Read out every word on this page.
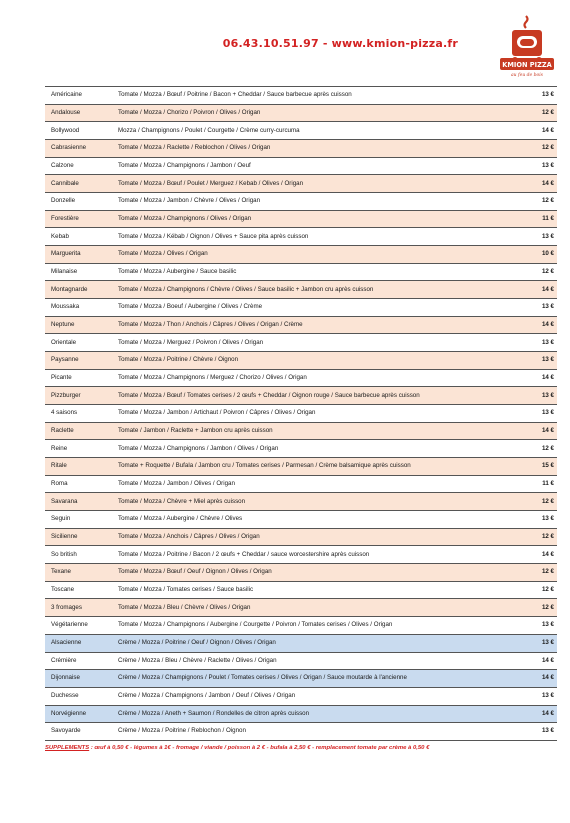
06.43.10.51.97 - www.kmion-pizza.fr
KMION PIZZA
au feu de bois
Américaine	Tomate / Mozza / Bœuf / Poitrine / Bacon + Cheddar / Sauce barbecue après cuisson	13 €
Andalouse	Tomate / Mozza / Chorizo / Poivron / Olives / Origan	12 €
Bollywood	Mozza / Champignons / Poulet / Courgette / Crème curry-curcuma	14 €
Cabrasienne	Tomate / Mozza / Raclette / Reblochon / Olives / Origan	12 €
Calzone	Tomate / Mozza / Champignons / Jambon / Oeuf	13 €
Cannibale	Tomate / Mozza / Bœuf / Poulet / Merguez / Kebab / Olives / Origan	14 €
Donzelle	Tomate / Mozza / Jambon / Chèvre / Olives / Origan	12 €
Forestière	Tomate / Mozza / Champignons / Olives / Origan	11 €
Kebab	Tomate / Mozza / Kébab / Oignon / Olives + Sauce pita après cuisson	13 €
Marguerita	Tomate / Mozza / Olives / Origan	10 €
Milanaise	Tomate / Mozza / Aubergine / Sauce basilic	12 €
Montagnarde	Tomate / Mozza / Champignons / Chèvre / Olives / Sauce basilic + Jambon cru après cuisson	14 €
Moussaka	Tomate / Mozza / Boeuf / Aubergine / Olives / Crème	13 €
Neptune	Tomate / Mozza / Thon / Anchois / Câpres / Olives / Origan / Crème	14 €
Orientale	Tomate / Mozza / Merguez / Poivron / Olives / Origan	13 €
Paysanne	Tomate / Mozza / Poitrine / Chèvre / Oignon	13 €
Picante	Tomate / Mozza / Champignons / Merguez / Chorizo / Olives / Origan	14 €
Pizzburger	Tomate / Mozza / Bœuf / Tomates cerises / 2 œufs + Cheddar / Oignon rouge / Sauce barbecue après cuisson	13 €
4 saisons	Tomate / Mozza / Jambon / Artichaut / Poivron / Câpres / Olives / Origan	13 €
Raclette	Tomate / Jambon / Raclette + Jambon cru après cuisson	14 €
Reine	Tomate / Mozza / Champignons / Jambon / Olives / Origan	12 €
Ritale	Tomate + Roquette / Bufala / Jambon cru / Tomates cerises / Parmesan / Crème balsamique après cuisson	15 €
Roma	Tomate / Mozza / Jambon / Olives / Origan	11 €
Savarana	Tomate / Mozza / Chèvre + Miel après cuisson	12 €
Seguin	Tomate / Mozza / Aubergine / Chèvre / Olives	13 €
Sicilienne	Tomate / Mozza / Anchois / Câpres / Olives / Origan	12 €
So british	Tomate / Mozza / Poitrine / Bacon / 2 œufs + Cheddar / sauce worcestershire après cuisson	14 €
Texane	Tomate / Mozza / Bœuf / Oeuf / Oignon / Olives / Origan	12 €
Toscane	Tomate / Mozza / Tomates cerises / Sauce basilic	12 €
3 fromages	Tomate / Mozza / Bleu / Chèvre / Olives / Origan	12 €
Végétarienne	Tomate / Mozza / Champignons / Aubergine / Courgette / Poivron / Tomates cerises / Olives / Origan	13 €
Alsacienne	Crème / Mozza / Poitrine / Oeuf / Oignon / Olives / Origan	13 €
Crémière	Crème / Mozza / Bleu / Chèvre / Raclette / Olives / Origan	14 €
Dijonnaise	Crème / Mozza / Champignons / Poulet / Tomates cerises / Olives / Origan / Sauce moutarde à l'ancienne	14 €
Duchesse	Crème / Mozza / Champignons / Jambon / Oeuf / Olives / Origan	13 €
Norvégienne	Crème / Mozza / Aneth + Saumon / Rondelles de citron après cuisson	14 €
Savoyarde	Crème / Mozza / Poitrine / Reblochon / Oignon	13 €
SUPPLEMENTS : œuf à 0,50 € - légumes à 1€ - fromage / viande / poisson à 2 € - bufala à 2,50 € - remplacement tomate par crème à 0,50 €
